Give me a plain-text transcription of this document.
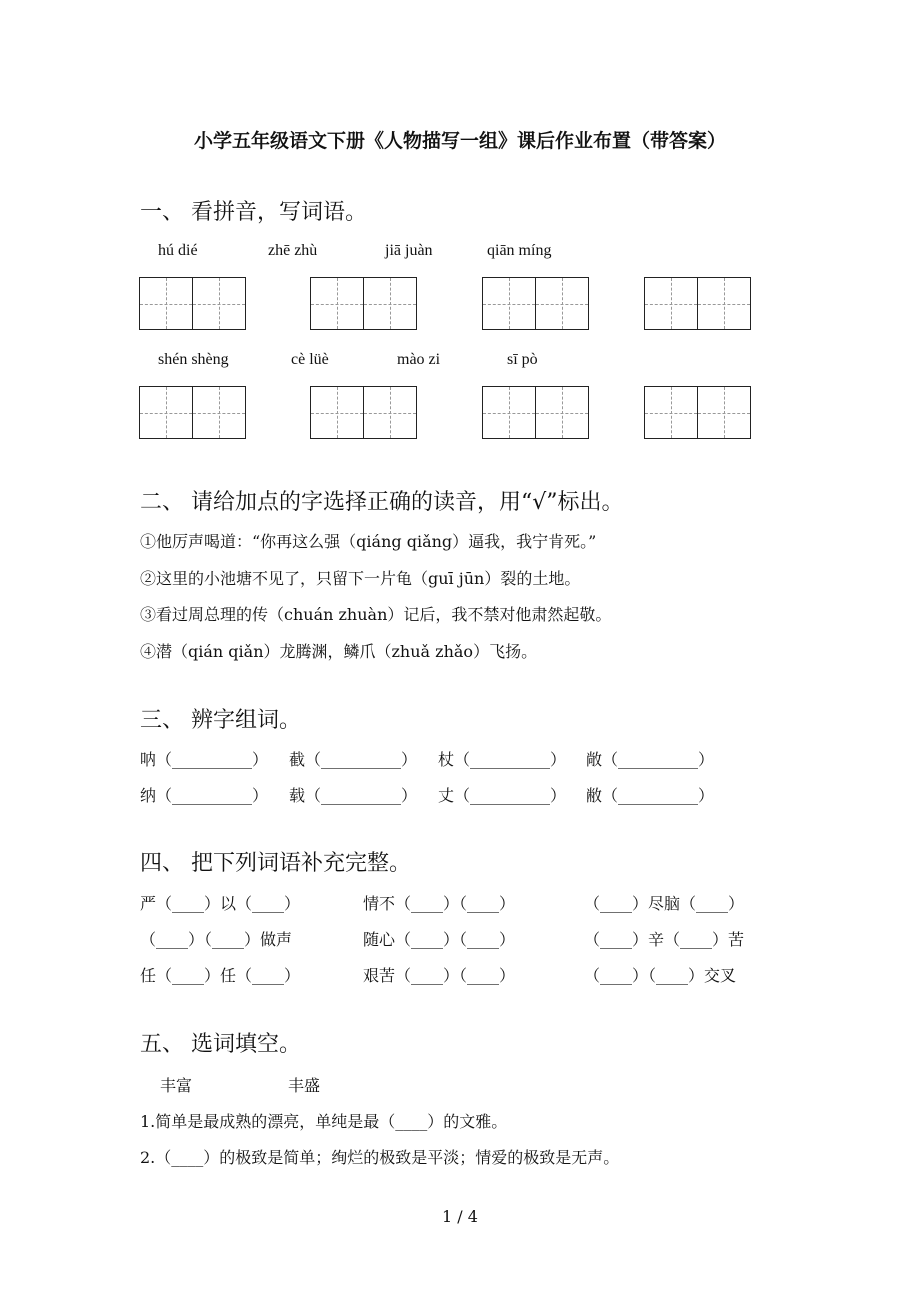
小学五年级语文下册《人物描写一组》课后作业布置（带答案）
一、 看拼音，写词语。
hú dié	zhē zhù	jiā juàn	qiān míng
shén shèng	cè lüè	mào zi	sī pò
二、 请给加点的字选择正确的读音，用“√”标出。
①他厉声喝道：“你再这么强（qiáng qiǎng）逼我，我宁肯死。”
②这里的小池塘不见了，只留下一片龟（guī jūn）裂的土地。
③看过周总理的传（chuán zhuàn）记后，我不禁对他肃然起敬。
④潜（qián qiǎn）龙腾渊，鳞爪（zhuǎ zhǎo）飞扬。
三、 辨字组词。
呐（__________） 截（__________） 杖（__________） 敞（__________）
纳（__________） 载（__________） 丈（__________） 敝（__________）
四、 把下列词语补充完整。
严（____）以（____）	情不（____）（____）	（____）尽脑（____）
（____）（____）做声	随心（____）（____）	（____）辛（____）苦
任（____）任（____）	艰苦（____）（____）	（____）（____）交叉
五、 选词填空。
丰富	丰盛
1.简单是最成熟的漂亮，单纯是最（____）的文雅。
2.（____）的极致是简单；绚烂的极致是平淡；情爱的极致是无声。
1 / 4
